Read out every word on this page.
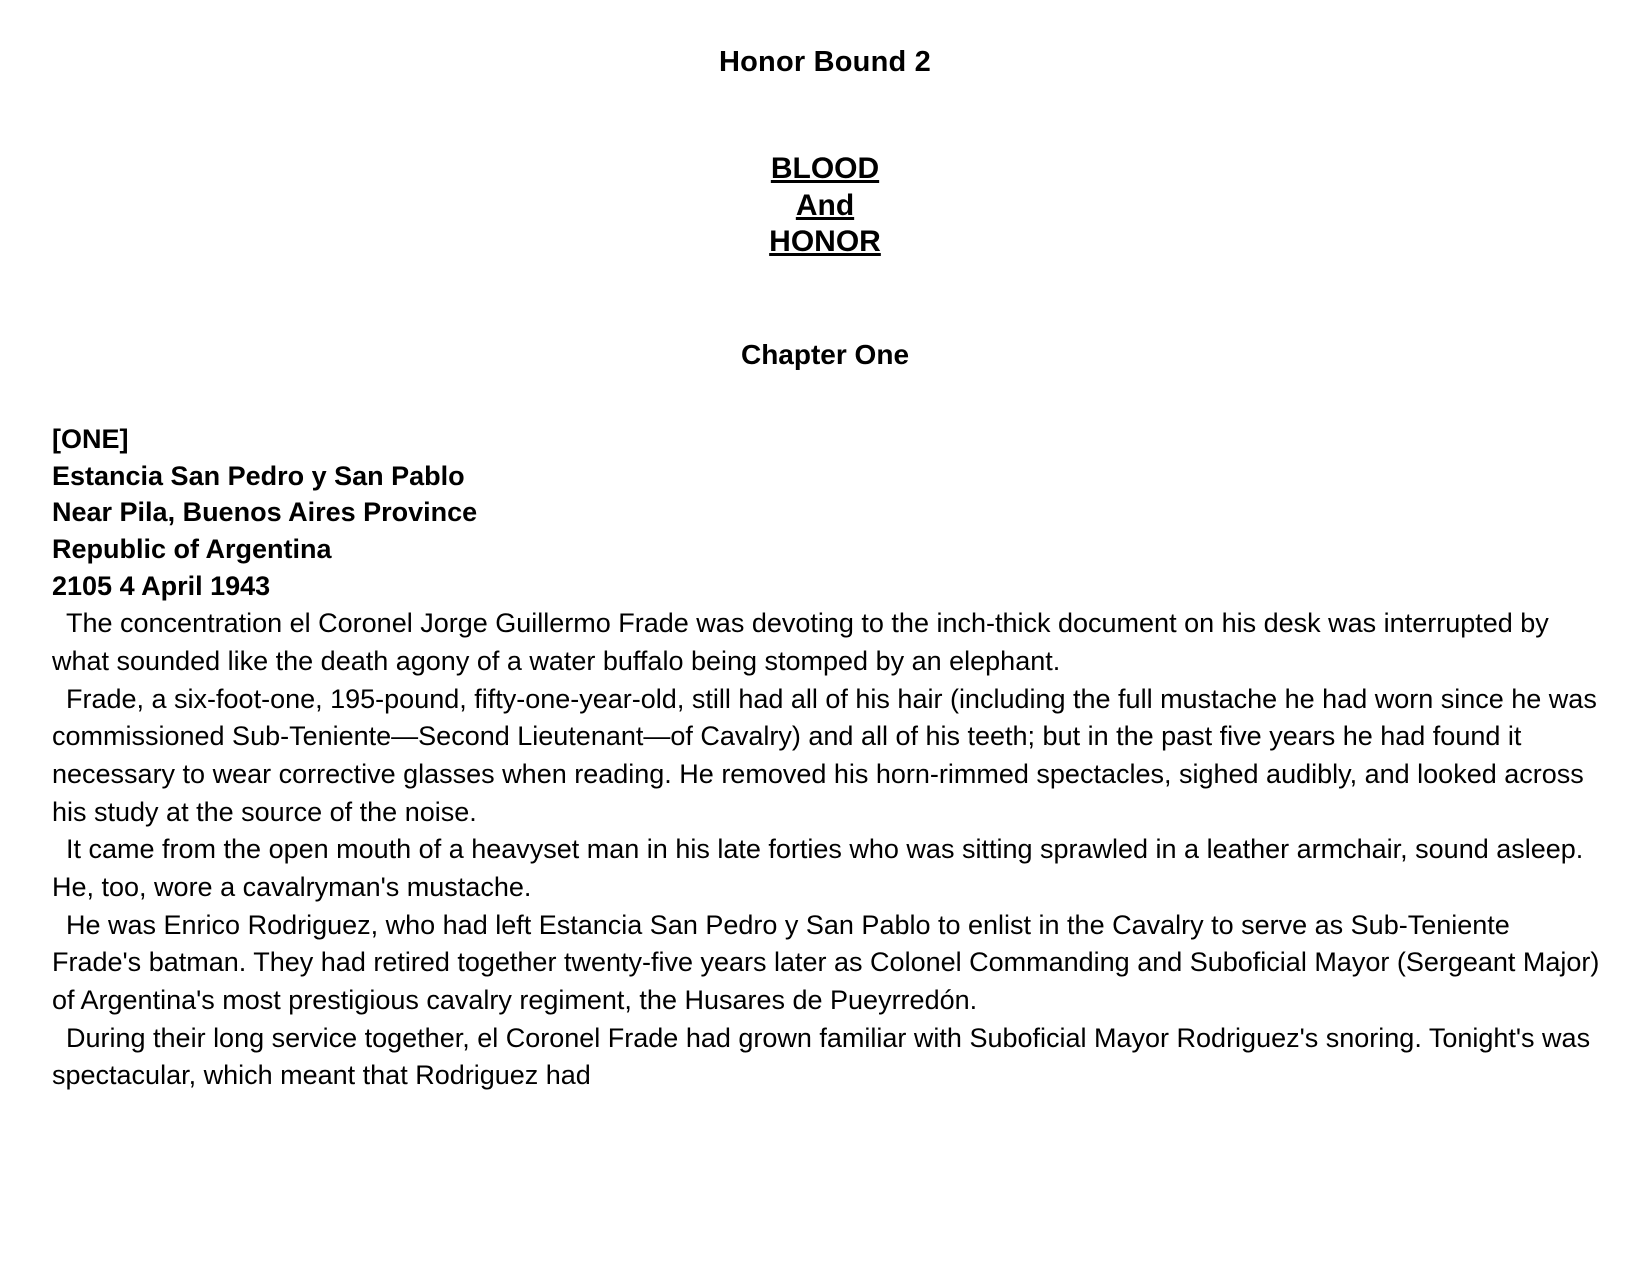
Honor Bound 2
BLOOD
And
HONOR
Chapter One
[ONE]
Estancia San Pedro y San Pablo
Near Pila, Buenos Aires Province
Republic of Argentina
2105 4 April 1943

The concentration el Coronel Jorge Guillermo Frade was devoting to the inch-thick document on his desk was interrupted by what sounded like the death agony of a water buffalo being stomped by an elephant.

Frade, a six-foot-one, 195-pound, fifty-one-year-old, still had all of his hair (including the full mustache he had worn since he was commissioned Sub-Teniente—Second Lieutenant—of Cavalry) and all of his teeth; but in the past five years he had found it necessary to wear corrective glasses when reading. He removed his horn-rimmed spectacles, sighed audibly, and looked across his study at the source of the noise.

It came from the open mouth of a heavyset man in his late forties who was sitting sprawled in a leather armchair, sound asleep. He, too, wore a cavalryman's mustache.

He was Enrico Rodriguez, who had left Estancia San Pedro y San Pablo to enlist in the Cavalry to serve as Sub-Teniente Frade's batman. They had retired together twenty-five years later as Colonel Commanding and Suboficial Mayor (Sergeant Major) of Argentina's most prestigious cavalry regiment, the Husares de Pueyrredón.

During their long service together, el Coronel Frade had grown familiar with Suboficial Mayor Rodriguez's snoring. Tonight's was spectacular, which meant that Rodriguez had
